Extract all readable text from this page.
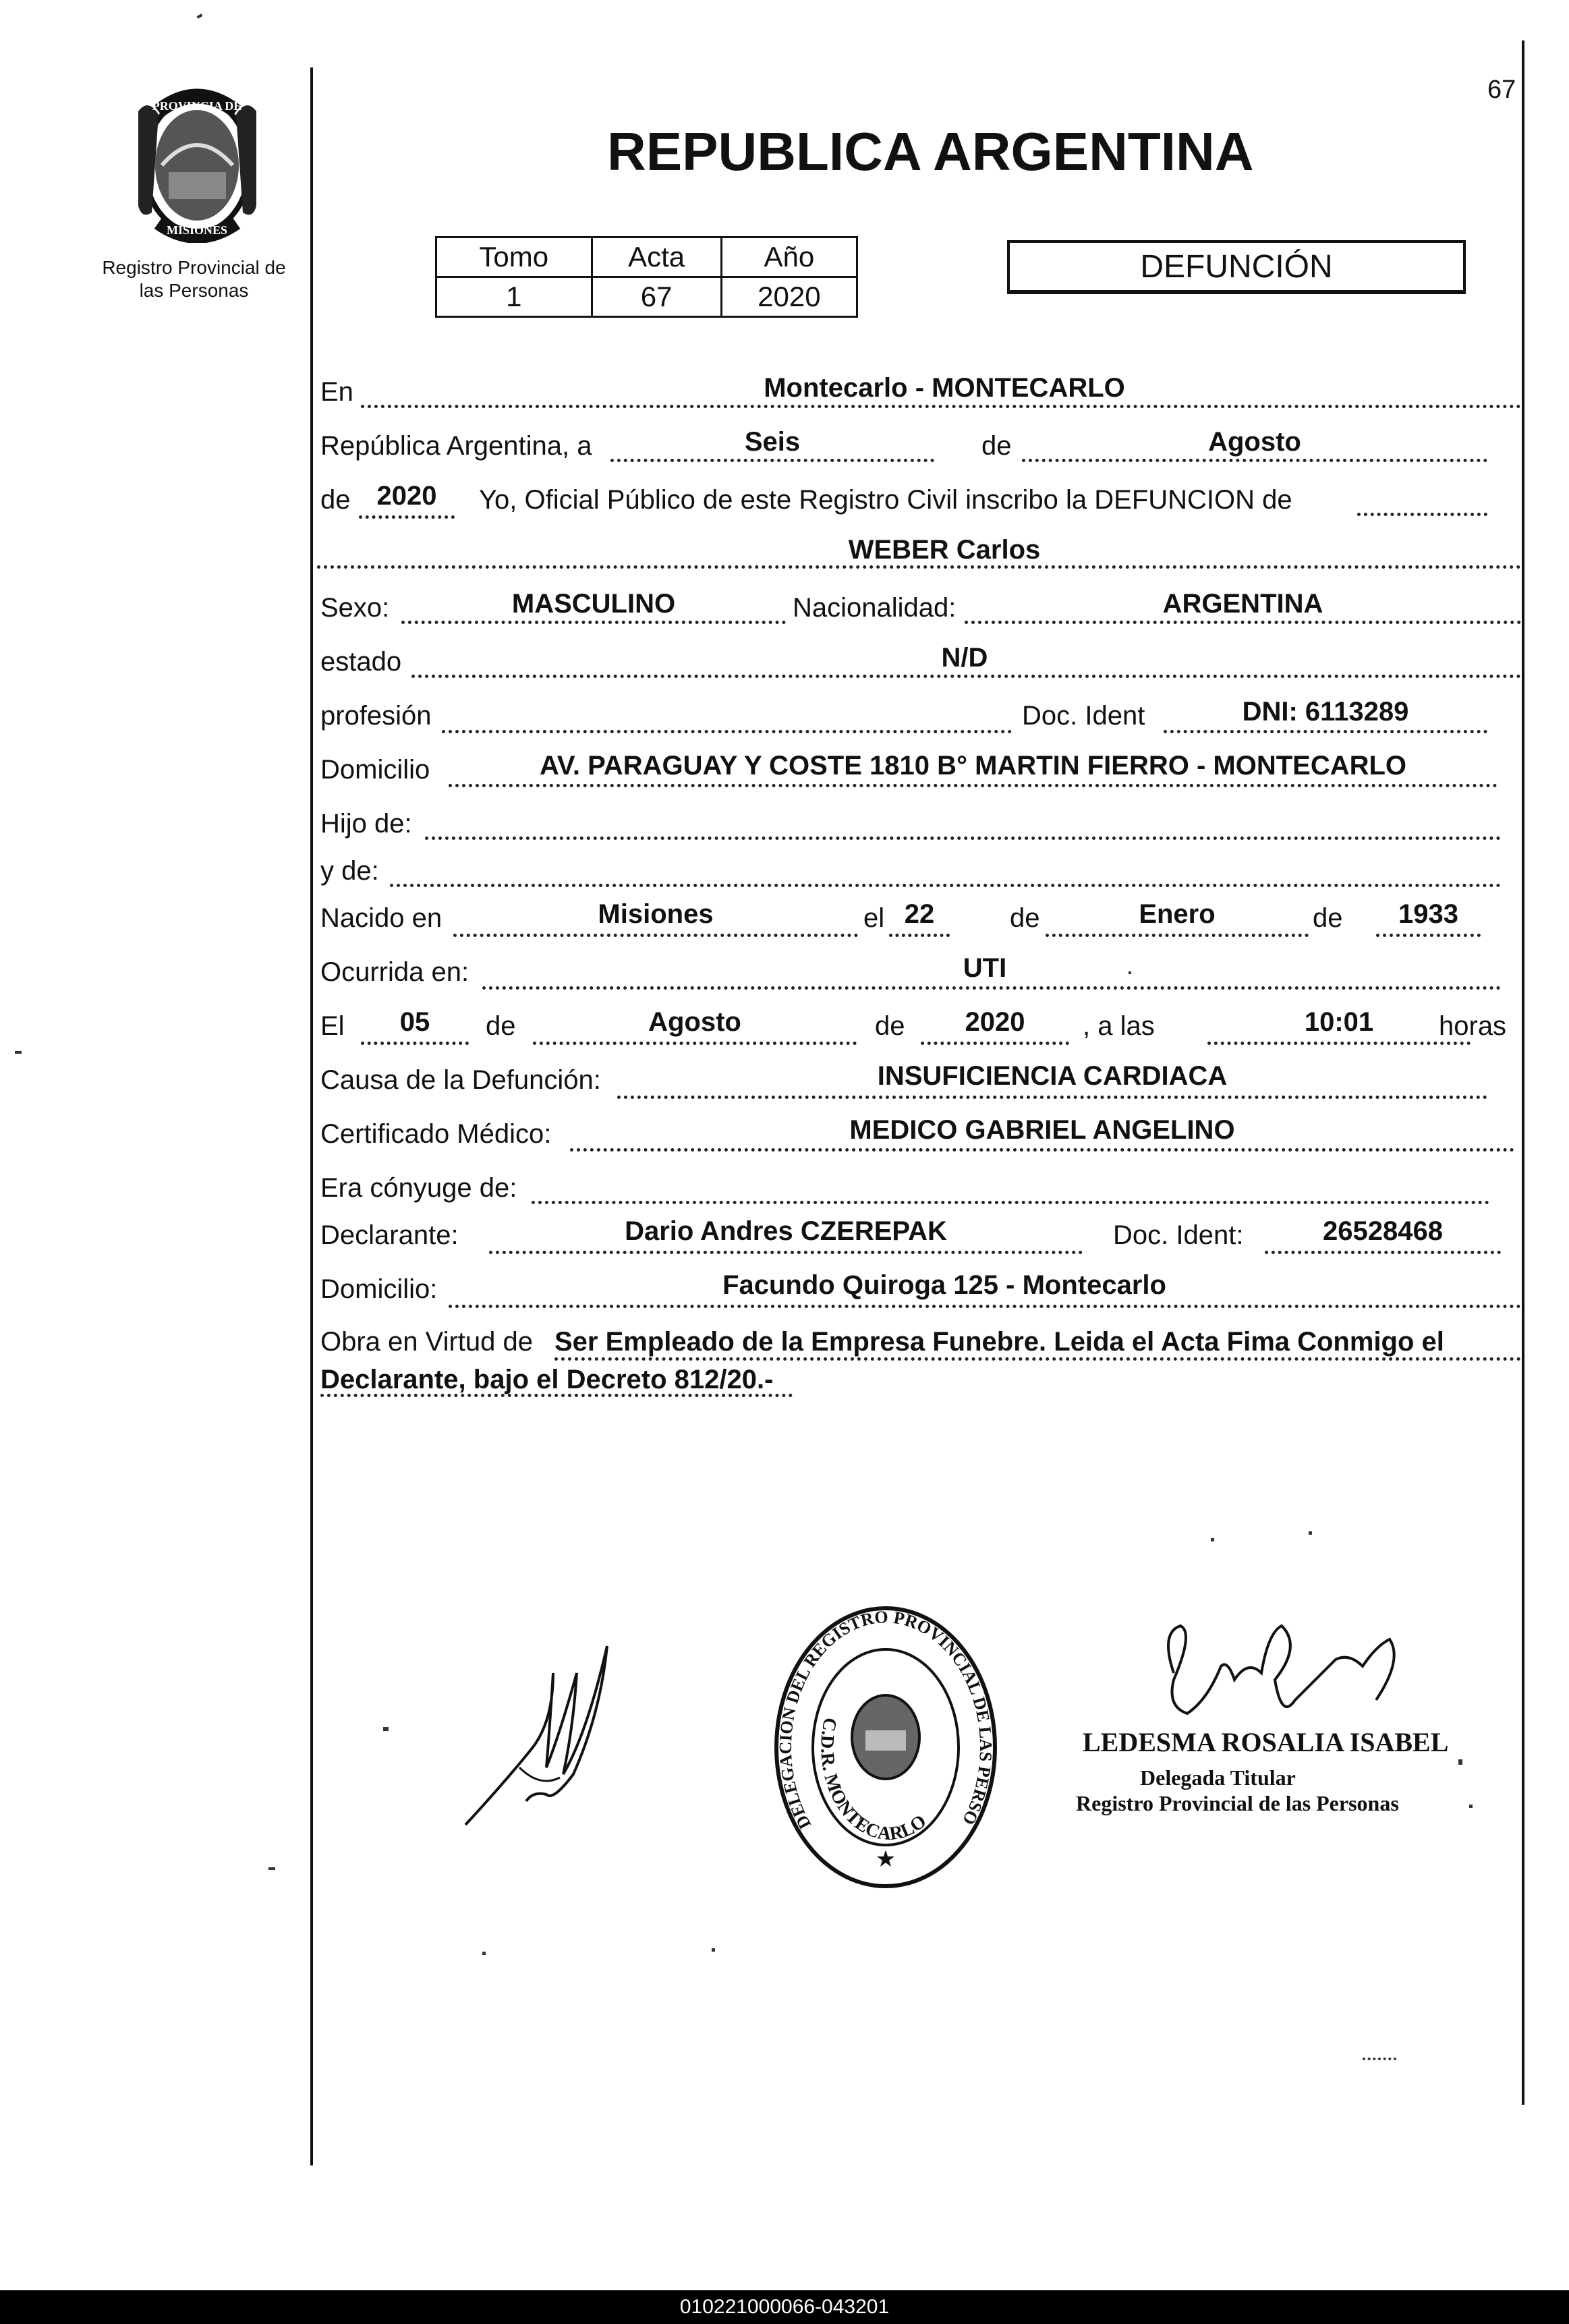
67
PROVINCIA DE
MISIONES
Registro Provincial de
las Personas
REPUBLICA ARGENTINA
Tomo	Acta	Año
1	67	2020
DEFUNCIÓN
En	Montecarlo - MONTECARLO
República Argentina, a	Seis	de	Agosto
de 2020	Yo, Oficial Público de este Registro Civil inscribo la DEFUNCION de
WEBER Carlos
Sexo:	MASCULINO	Nacionalidad:	ARGENTINA
estado	N/D
profesión	Doc. Ident	DNI: 6113289
Domicilio	AV. PARAGUAY Y COSTE 1810 B° MARTIN FIERRO - MONTECARLO
Hijo de:
y de:
Nacido en	Misiones	el 22	de	Enero	de	1933
Ocurrida en:	UTI
El	05	de	Agosto	de	2020	, a las	10:01	horas
Causa de la Defunción:	INSUFICIENCIA CARDIACA
Certificado Médico:	MEDICO GABRIEL ANGELINO
Era cónyuge de:
Declarante:	Dario Andres CZEREPAK	Doc. Ident:	26528468
Domicilio:	Facundo Quiroga 125 - Montecarlo
Obra en Virtud de Ser Empleado de la Empresa Funebre. Leida el Acta Fima Conmigo el
Declarante, bajo el Decreto 812/20.-
DELEGACION DEL REGISTRO PROVINCIAL DE LAS PERSO
C.D.R. MONTECARLO
★
LEDESMA ROSALIA ISABEL
Delegada Titular
Registro Provincial de las Personas
010221000066-043201
